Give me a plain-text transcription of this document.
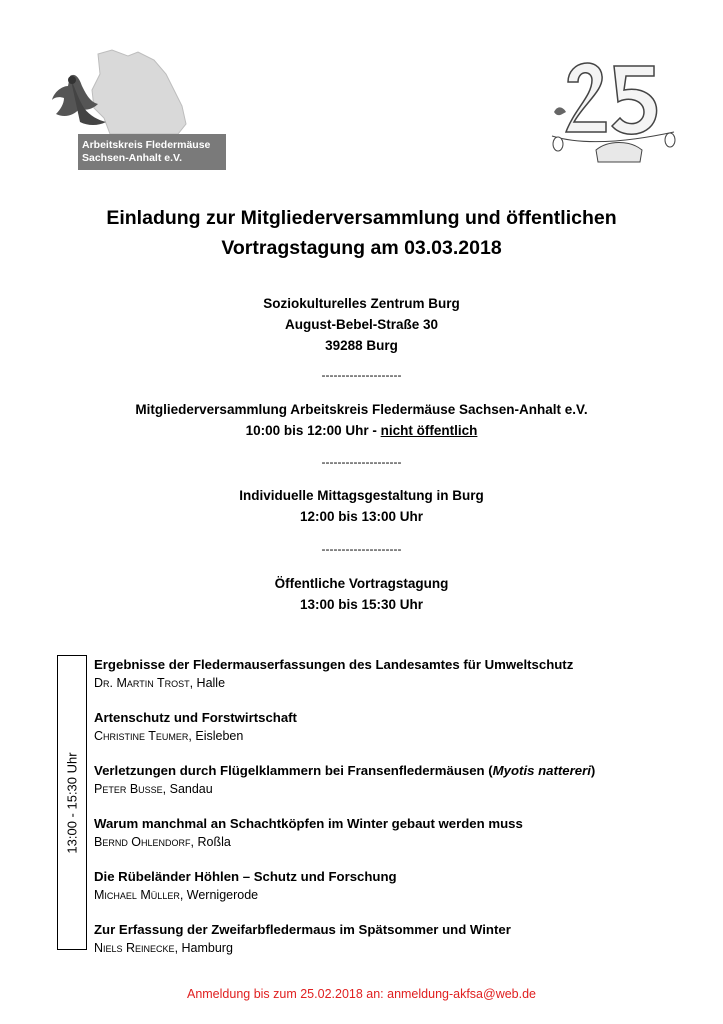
Arbeitskreis Fledermäuse
Sachsen-Anhalt e.V.
Einladung zur Mitgliederversammlung und öffentlichen
Vortragstagung am 03.03.2018
Soziokulturelles Zentrum Burg
August-Bebel-Straße 30
39288 Burg
--------------------
Mitgliederversammlung Arbeitskreis Fledermäuse Sachsen-Anhalt e.V.
10:00 bis 12:00 Uhr - nicht öffentlich
--------------------
Individuelle Mittagsgestaltung in Burg
12:00 bis 13:00 Uhr
--------------------
Öffentliche Vortragstagung
13:00 bis 15:30 Uhr
13:00 - 15:30 Uhr
Ergebnisse der Fledermauserfassungen des Landesamtes für Umweltschutz
Dr. Martin Trost, Halle
Artenschutz und Forstwirtschaft
Christine Teumer, Eisleben
Verletzungen durch Flügelklammern bei Fransenfledermäusen (Myotis nattereri)
Peter Busse, Sandau
Warum manchmal an Schachtköpfen im Winter gebaut werden muss
Bernd Ohlendorf, Roßla
Die Rübeländer Höhlen – Schutz und Forschung
Michael Müller, Wernigerode
Zur Erfassung der Zweifarbfledermaus im Spätsommer und Winter
Niels Reinecke, Hamburg
Anmeldung bis zum 25.02.2018 an: anmeldung-akfsa@web.de
